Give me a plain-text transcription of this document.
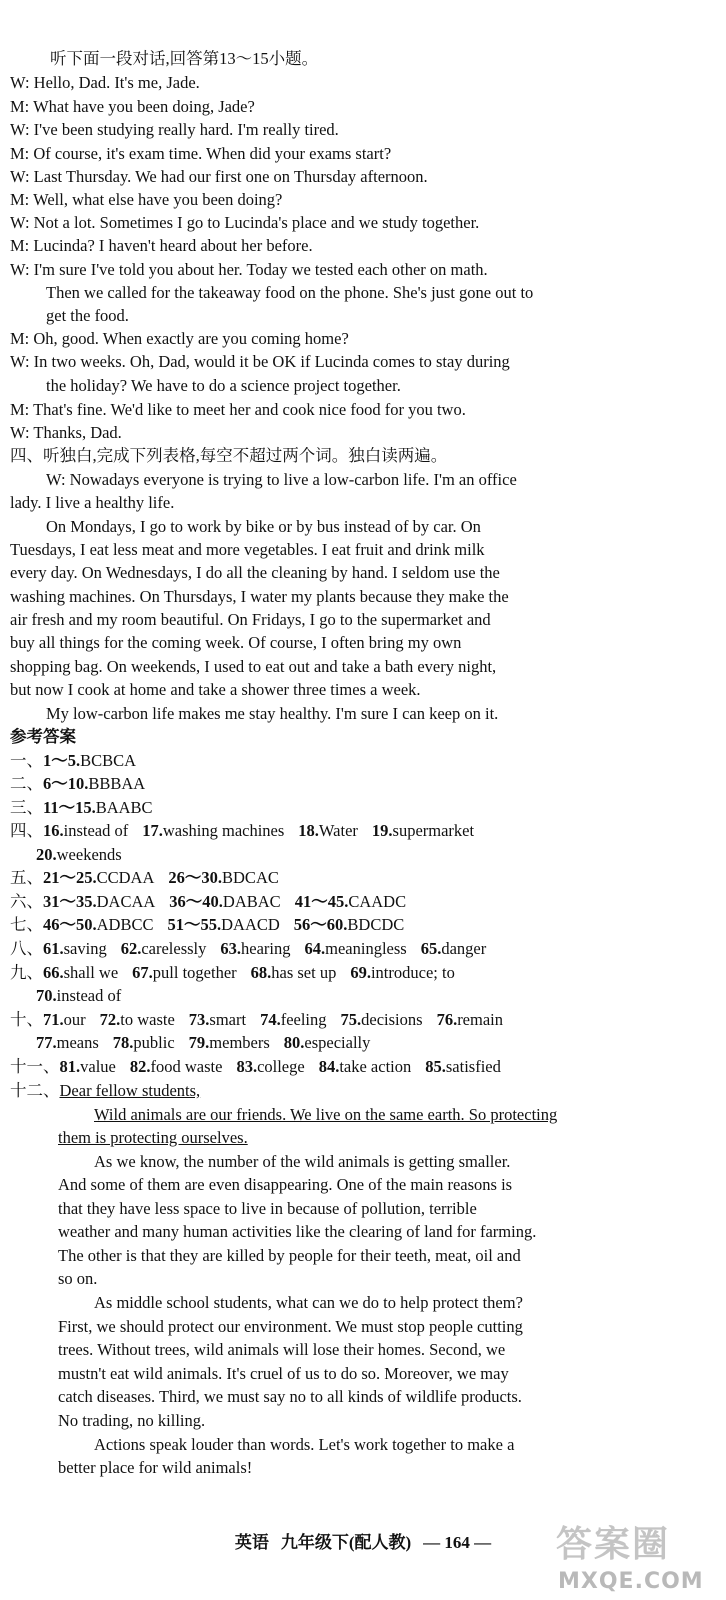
听下面一段对话,回答第13～15小题。
W: Hello, Dad. It's me, Jade.
M: What have you been doing, Jade?
W: I've been studying really hard. I'm really tired.
M: Of course, it's exam time. When did your exams start?
W: Last Thursday. We had our first one on Thursday afternoon.
M: Well, what else have you been doing?
W: Not a lot. Sometimes I go to Lucinda's place and we study together.
M: Lucinda? I haven't heard about her before.
W: I'm sure I've told you about her. Today we tested each other on math.
Then we called for the takeaway food on the phone. She's just gone out to
get the food.
M: Oh, good. When exactly are you coming home?
W: In two weeks. Oh, Dad, would it be OK if Lucinda comes to stay during
the holiday? We have to do a science project together.
M: That's fine. We'd like to meet her and cook nice food for you two.
W: Thanks, Dad.
四、听独白,完成下列表格,每空不超过两个词。独白读两遍。
W: Nowadays everyone is trying to live a low-carbon life. I'm an office
lady. I live a healthy life.
On Mondays, I go to work by bike or by bus instead of by car. On
Tuesdays, I eat less meat and more vegetables. I eat fruit and drink milk
every day. On Wednesdays, I do all the cleaning by hand. I seldom use the
washing machines. On Thursdays, I water my plants because they make the
air fresh and my room beautiful. On Fridays, I go to the supermarket and
buy all things for the coming week. Of course, I often bring my own
shopping bag. On weekends, I used to eat out and take a bath every night,
but now I cook at home and take a shower three times a week.
My low-carbon life makes me stay healthy. I'm sure I can keep on it.
参考答案
一、1～5.BCBCA
二、6～10.BBBAA
三、11～15.BAABC
四、16.instead of 17.washing machines 18.Water 19.supermarket
20.weekends
五、21～25.CCDAA 26～30.BDCAC
六、31～35.DACAA 36～40.DABAC 41～45.CAADC
七、46～50.ADBCC 51～55.DAACD 56～60.BDCDC
八、61.saving 62.carelessly 63.hearing 64.meaningless 65.danger
九、66.shall we 67.pull together 68.has set up 69.introduce; to
70.instead of
十、71.our 72.to waste 73.smart 74.feeling 75.decisions 76.remain
77.means 78.public 79.members 80.especially
十一、81.value 82.food waste 83.college 84.take action 85.satisfied
十二、Dear fellow students,
Wild animals are our friends. We live on the same earth. So protecting
them is protecting ourselves.
As we know, the number of the wild animals is getting smaller.
And some of them are even disappearing. One of the main reasons is
that they have less space to live in because of pollution, terrible
weather and many human activities like the clearing of land for farming.
The other is that they are killed by people for their teeth, meat, oil and
so on.
As middle school students, what can we do to help protect them?
First, we should protect our environment. We must stop people cutting
trees. Without trees, wild animals will lose their homes. Second, we
mustn't eat wild animals. It's cruel of us to do so. Moreover, we may
catch diseases. Third, we must say no to all kinds of wildlife products.
No trading, no killing.
Actions speak louder than words. Let's work together to make a
better place for wild animals!
英语 九年级下(配人教) — 164 —	答案圈
MXQE.COM
